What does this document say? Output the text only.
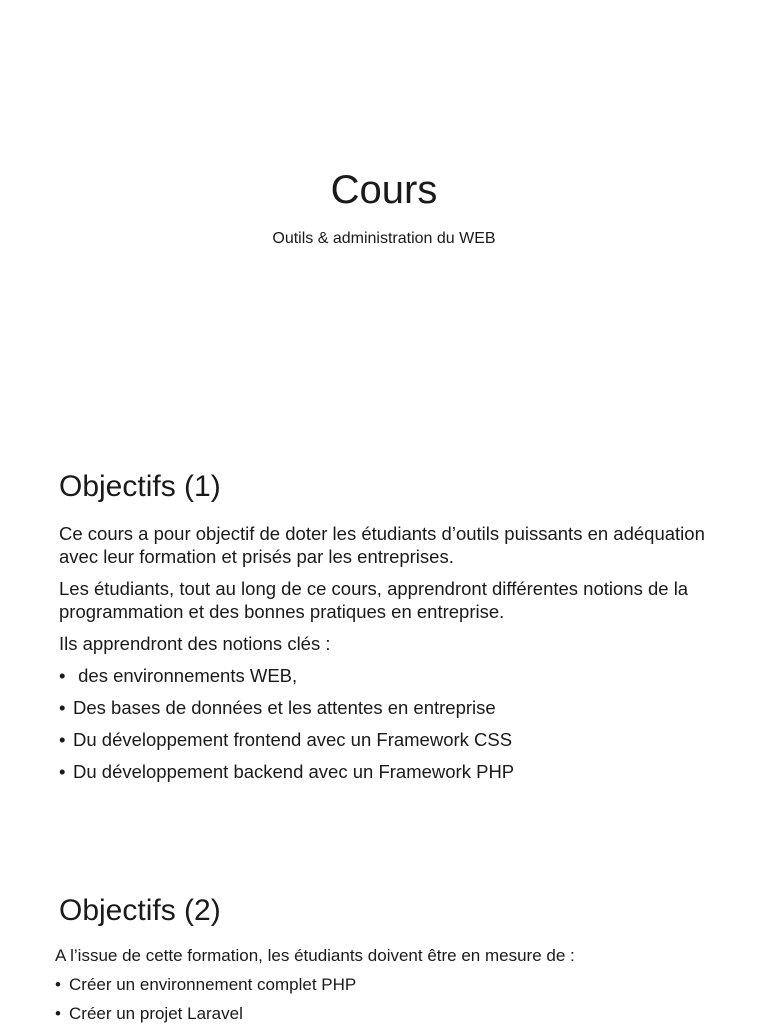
Cours

Outils & administration du WEB

Objectifs (1)

Ce cours a pour objectif de doter les étudiants d’outils puissants en adéquation avec leur formation et prisés par les entreprises.

Les étudiants, tout au long de ce cours, apprendront différentes notions de la programmation et des bonnes pratiques en entreprise.

Ils apprendront des notions clés :

• des environnements WEB,
• Des bases de données et les attentes en entreprise
• Du développement frontend avec un Framework CSS
• Du développement backend avec un Framework PHP
Objectifs (2)

A l’issue de cette formation, les étudiants doivent être en mesure de :

• Créer un environnement complet PHP
• Créer un projet Laravel
